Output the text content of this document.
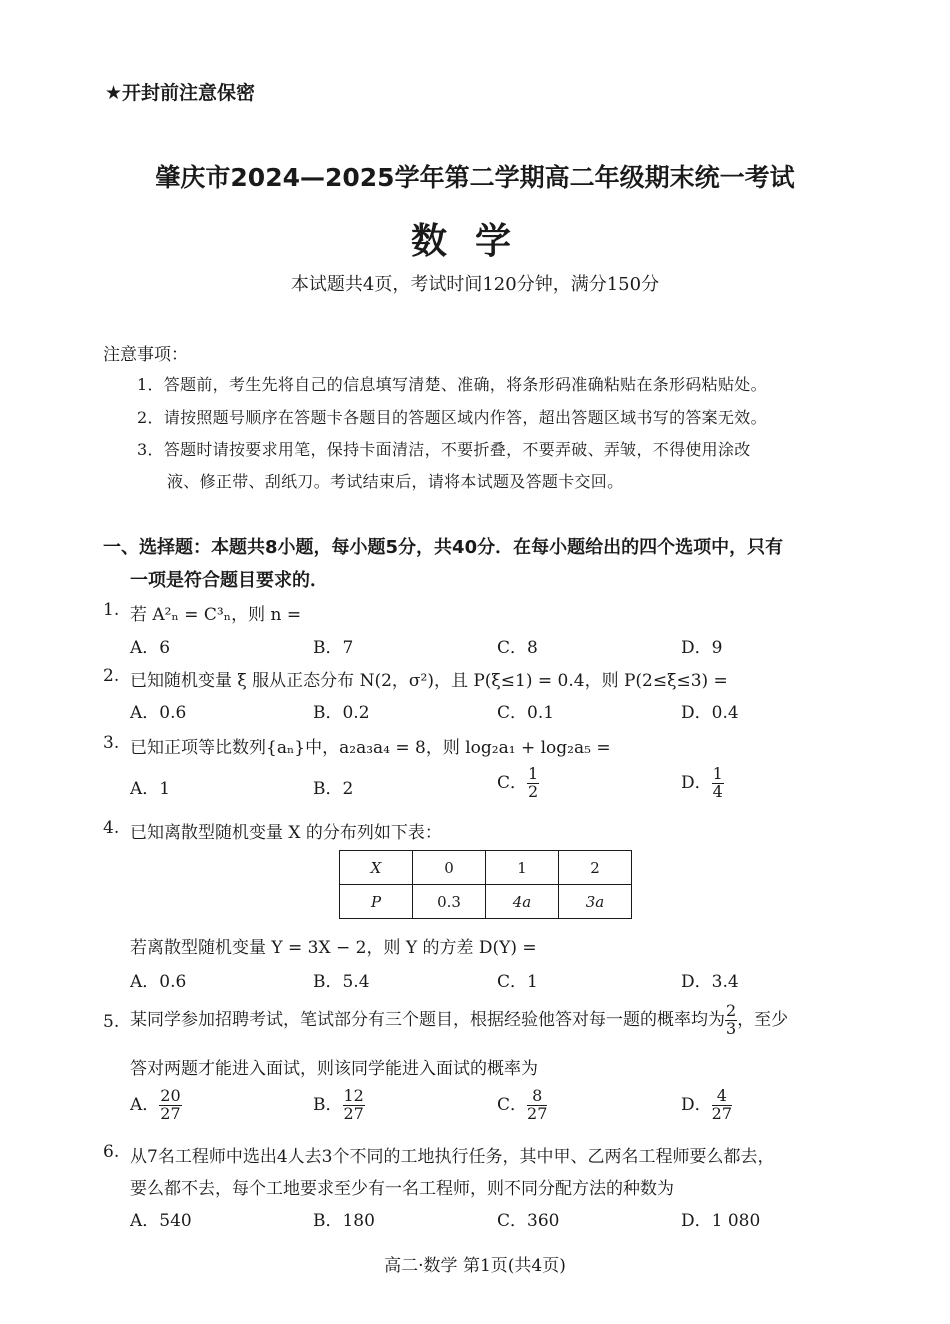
★开封前注意保密
肇庆市2024—2025学年第二学期高二年级期末统一考试
数学
本试题共4页，考试时间120分钟，满分150分
注意事项：
1．答题前，考生先将自己的信息填写清楚、准确，将条形码准确粘贴在条形码粘贴处。
2．请按照题号顺序在答题卡各题目的答题区域内作答，超出答题区域书写的答案无效。
3．答题时请按要求用笔，保持卡面清洁，不要折叠，不要弄破、弄皱，不得使用涂改
液、修正带、刮纸刀。考试结束后，请将本试题及答题卡交回。
一、选择题：本题共8小题，每小题5分，共40分．在每小题给出的四个选项中，只有
一项是符合题目要求的．
1. 若 A²ₙ = C³ₙ，则 n =
A．6	B．7	C．8	D．9
2. 已知随机变量 ξ 服从正态分布 N(2，σ²)，且 P(ξ≤1) = 0.4，则 P(2≤ξ≤3) =
A．0.6	B．0.2	C．0.1	D．0.4
3. 已知正项等比数列{aₙ}中，a₂a₃a₄ = 8，则 log₂a₁ + log₂a₅ =
A．1	B．2	C． $\frac{1}{2}$	D． $\frac{1}{4}$
4. 已知离散型随机变量 X 的分布列如下表：
X	0	1	2
P	0.3	4a	3a
若离散型随机变量 Y = 3X − 2，则 Y 的方差 D(Y) =
A．0.6	B．5.4	C．1	D．3.4
5. 某同学参加招聘考试，笔试部分有三个题目，根据经验他答对每一题的概率均为 $\frac{2}{3}$ ，至少
答对两题才能进入面试，则该同学能进入面试的概率为
A． $\frac{20}{27}$	B． $\frac{12}{27}$	C． $\frac{8}{27}$	D． $\frac{4}{27}$
6. 从7名工程师中选出4人去3个不同的工地执行任务，其中甲、乙两名工程师要么都去，
要么都不去，每个工地要求至少有一名工程师，则不同分配方法的种数为
A．540	B．180	C．360	D．1 080
高二·数学 第1页(共4页)
